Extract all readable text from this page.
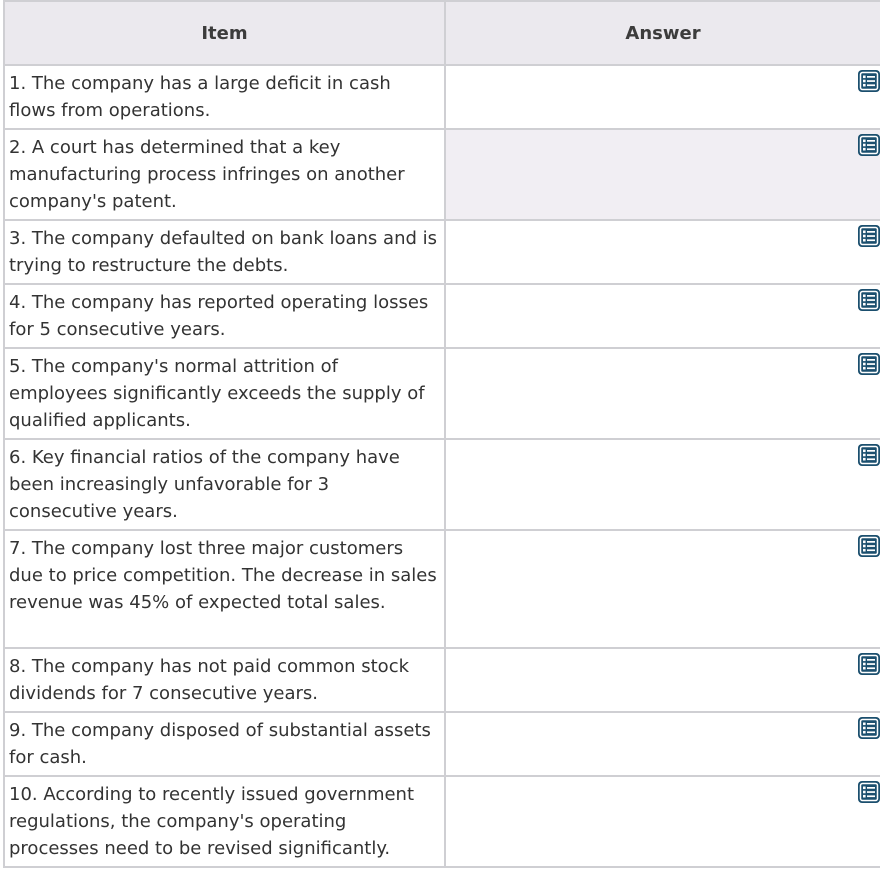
Item	Answer
1. The company has a large deficit in cash flows from operations.	

2. A court has determined that a key manufacturing process infringes on another company's patent.	

3. The company defaulted on bank loans and is trying to restructure the debts.	

4. The company has reported operating losses for 5 consecutive years.	

5. The company's normal attrition of employees significantly exceeds the supply of qualified applicants.	

6. Key financial ratios of the company have been increasingly unfavorable for 3 consecutive years.	

7. The company lost three major customers due to price competition. The decrease in sales revenue was 45% of expected total sales.	

8. The company has not paid common stock dividends for 7 consecutive years.	

9. The company disposed of substantial assets for cash.	

10. According to recently issued government regulations, the company's operating processes need to be revised significantly.	
